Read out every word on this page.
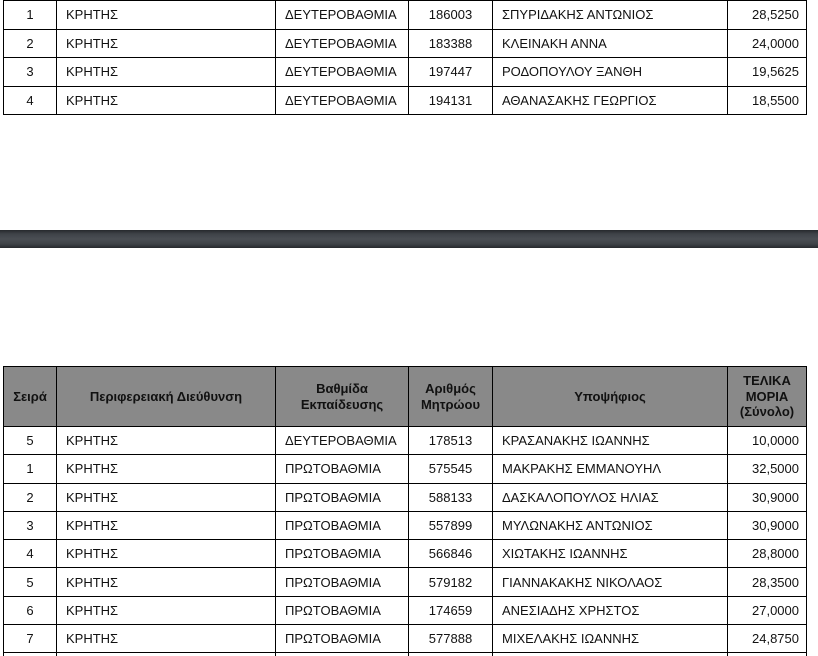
1	ΚΡΗΤΗΣ	ΔΕΥΤΕΡΟΒΑΘΜΙΑ	186003	ΣΠΥΡΙΔΑΚΗΣ ΑΝΤΩΝΙΟΣ	28,5250
2	ΚΡΗΤΗΣ	ΔΕΥΤΕΡΟΒΑΘΜΙΑ	183388	ΚΛΕΙΝΑΚΗ ΑΝΝΑ	24,0000
3	ΚΡΗΤΗΣ	ΔΕΥΤΕΡΟΒΑΘΜΙΑ	197447	ΡΟΔΟΠΟΥΛΟΥ ΞΑΝΘΗ	19,5625
4	ΚΡΗΤΗΣ	ΔΕΥΤΕΡΟΒΑΘΜΙΑ	194131	ΑΘΑΝΑΣΑΚΗΣ ΓΕΩΡΓΙΟΣ	18,5500
Σειρά	Περιφερειακή Διεύθυνση	Βαθμίδα Εκπαίδευσης	Αριθμός Μητρώου	Υποψήφιος	ΤΕΛΙΚΑ ΜΟΡΙΑ (Σύνολο)
5	ΚΡΗΤΗΣ	ΔΕΥΤΕΡΟΒΑΘΜΙΑ	178513	ΚΡΑΣΑΝΑΚΗΣ ΙΩΑΝΝΗΣ	10,0000
1	ΚΡΗΤΗΣ	ΠΡΩΤΟΒΑΘΜΙΑ	575545	ΜΑΚΡΑΚΗΣ ΕΜΜΑΝΟΥΗΛ	32,5000
2	ΚΡΗΤΗΣ	ΠΡΩΤΟΒΑΘΜΙΑ	588133	ΔΑΣΚΑΛΟΠΟΥΛΟΣ ΗΛΙΑΣ	30,9000
3	ΚΡΗΤΗΣ	ΠΡΩΤΟΒΑΘΜΙΑ	557899	ΜΥΛΩΝΑΚΗΣ ΑΝΤΩΝΙΟΣ	30,9000
4	ΚΡΗΤΗΣ	ΠΡΩΤΟΒΑΘΜΙΑ	566846	ΧΙΩΤΑΚΗΣ ΙΩΑΝΝΗΣ	28,8000
5	ΚΡΗΤΗΣ	ΠΡΩΤΟΒΑΘΜΙΑ	579182	ΓΙΑΝΝΑΚΑΚΗΣ ΝΙΚΟΛΑΟΣ	28,3500
6	ΚΡΗΤΗΣ	ΠΡΩΤΟΒΑΘΜΙΑ	174659	ΑΝΕΣΙΑΔΗΣ ΧΡΗΣΤΟΣ	27,0000
7	ΚΡΗΤΗΣ	ΠΡΩΤΟΒΑΘΜΙΑ	577888	ΜΙΧΕΛΑΚΗΣ ΙΩΑΝΝΗΣ	24,8750
